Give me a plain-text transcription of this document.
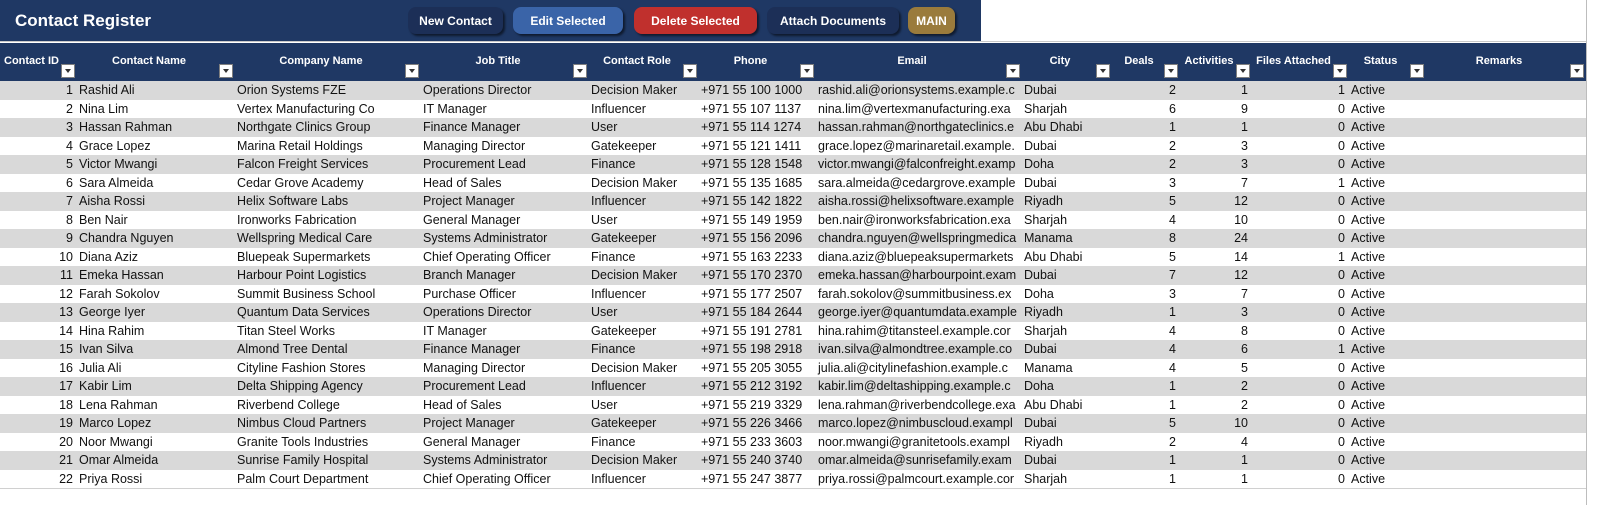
Contact Register	New Contact	Edit Selected	Delete Selected	Attach Documents	MAIN
Contact ID	Contact Name	Company Name	Job Title	Contact Role	Phone	Email	City	Deals	Activities	Files Attached	Status	Remarks
1 Rashid Ali	Orion Systems FZE	Operations Director	Decision Maker	+971 55 100 1000	rashid.ali@orionsystems.example.c Dubai	2	1	1 Active
2 Nina Lim	Vertex Manufacturing Co	IT Manager	Influencer	+971 55 107 1137	nina.lim@vertexmanufacturing.exa	Sharjah	6	9	0 Active
3 Hassan Rahman	Northgate Clinics Group	Finance Manager	User	+971 55 114 1274	hassan.rahman@northgateclinics.e Abu Dhabi	1	1	0 Active
4 Grace Lopez	Marina Retail Holdings	Managing Director	Gatekeeper	+971 55 121 1411	grace.lopez@marinaretail.example. Dubai	2	3	0 Active
5 Victor Mwangi	Falcon Freight Services	Procurement Lead	Finance	+971 55 128 1548	victor.mwangi@falconfreight.examp Doha	2	3	0 Active
6 Sara Almeida	Cedar Grove Academy	Head of Sales	Decision Maker	+971 55 135 1685	sara.almeida@cedargrove.example Dubai	3	7	1 Active
7 Aisha Rossi	Helix Software Labs	Project Manager	Influencer	+971 55 142 1822	aisha.rossi@helixsoftware.example Riyadh	5	12	0 Active
8 Ben Nair	Ironworks Fabrication	General Manager	User	+971 55 149 1959	ben.nair@ironworksfabrication.exa	Sharjah	4	10	0 Active
9 Chandra Nguyen	Wellspring Medical Care	Systems Administrator	Gatekeeper	+971 55 156 2096	chandra.nguyen@wellspringmedica Manama	8	24	0 Active
10 Diana Aziz	Bluepeak Supermarkets	Chief Operating Officer	Finance	+971 55 163 2233	diana.aziz@bluepeaksupermarkets Abu Dhabi	5	14	1 Active
11 Emeka Hassan	Harbour Point Logistics	Branch Manager	Decision Maker	+971 55 170 2370	emeka.hassan@harbourpoint.exam Dubai	7	12	0 Active
12 Farah Sokolov	Summit Business School	Purchase Officer	Influencer	+971 55 177 2507	farah.sokolov@summitbusiness.ex	Doha	3	7	0 Active
13 George Iyer	Quantum Data Services	Operations Director	User	+971 55 184 2644	george.iyer@quantumdata.example Riyadh	1	3	0 Active
14 Hina Rahim	Titan Steel Works	IT Manager	Gatekeeper	+971 55 191 2781	hina.rahim@titansteel.example.cor	Sharjah	4	8	0 Active
15 Ivan Silva	Almond Tree Dental	Finance Manager	Finance	+971 55 198 2918	ivan.silva@almondtree.example.co Dubai	4	6	1 Active
16 Julia Ali	Cityline Fashion Stores	Managing Director	Decision Maker	+971 55 205 3055	julia.ali@citylinefashion.example.c	Manama	4	5	0 Active
17 Kabir Lim	Delta Shipping Agency	Procurement Lead	Influencer	+971 55 212 3192	kabir.lim@deltashipping.example.c	Doha	1	2	0 Active
18 Lena Rahman	Riverbend College	Head of Sales	User	+971 55 219 3329	lena.rahman@riverbendcollege.exa Abu Dhabi	1	2	0 Active
19 Marco Lopez	Nimbus Cloud Partners	Project Manager	Gatekeeper	+971 55 226 3466	marco.lopez@nimbuscloud.exampl Dubai	5	10	0 Active
20 Noor Mwangi	Granite Tools Industries	General Manager	Finance	+971 55 233 3603	noor.mwangi@granitetools.exampl	Riyadh	2	4	0 Active
21 Omar Almeida	Sunrise Family Hospital	Systems Administrator	Decision Maker	+971 55 240 3740	omar.almeida@sunrisefamily.exam Dubai	1	1	0 Active
22 Priya Rossi	Palm Court Department	Chief Operating Officer	Influencer	+971 55 247 3877	priya.rossi@palmcourt.example.cor Sharjah	1	1	0 Active
